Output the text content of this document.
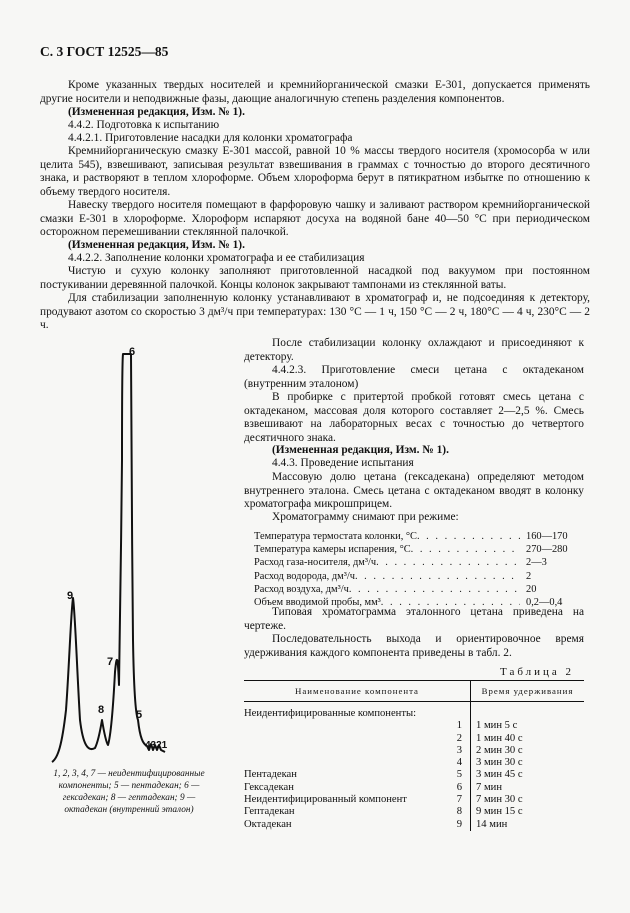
С. 3 ГОСТ 12525—85
Кроме указанных твердых носителей и кремнийорганической смазки Е-301, допускается применять другие носители и неподвижные фазы, дающие аналогичную степень разделения компонентов.
(Измененная редакция, Изм. № 1).
4.4.2. Подготовка к испытанию
4.4.2.1. Приготовление насадки для колонки хроматографа
Кремнийорганическую смазку Е-301 массой, равной 10 % массы твердого носителя (хромосорба w или целита 545), взвешивают, записывая результат взвешивания в граммах с точностью до второго десятичного знака, и растворяют в теплом хлороформе. Объем хлороформа берут в пятикратном избытке по отношению к объему твердого носителя.
Навеску твердого носителя помещают в фарфоровую чашку и заливают раствором кремнийорганической смазки Е-301 в хлороформе. Хлороформ испаряют досуха на водяной бане 40—50 °С при периодическом осторожном перемешивании стеклянной палочкой.
(Измененная редакция, Изм. № 1).
4.4.2.2. Заполнение колонки хроматографа и ее стабилизация
Чистую и сухую колонку заполняют приготовленной насадкой под вакуумом при постоянном постукивании деревянной палочкой. Концы колонок закрывают тампонами из стеклянной ваты.
Для стабилизации заполненную колонку устанавливают в хроматограф и, не подсоединяя к детектору, продувают азотом со скоростью 3 дм³/ч при температурах: 130 °С — 1 ч, 150 °С — 2 ч, 180°С — 4 ч, 230°С — 2 ч.
После стабилизации колонку охлаждают и присоединяют к детектору.
4.4.2.3. Приготовление смеси цетана с октадеканом (внутренним эталоном)
В пробирке с притертой пробкой готовят смесь цетана с октадеканом, массовая доля которого составляет 2—2,5 %. Смесь взвешивают на лабораторных весах с точностью до четвертого десятичного знака.
(Измененная редакция, Изм. № 1).
4.4.3. Проведение испытания
Массовую долю цетана (гексадекана) определяют методом внутреннего эталона. Смесь цетана с октадеканом вводят в колонку хроматографа микрошприцем.
Хроматограмму снимают при режиме:
Температура термостата колонки, °С . . .	160—170
Температура камеры испарения, °С . . .	270—280
Расход газа-носителя, дм³/ч . . .	2—3
Расход водорода, дм³/ч . . .	2
Расход воздуха, дм³/ч . . .	20
Объем вводимой пробы, мм³ . . .	0,2—0,4
Типовая хроматограмма эталонного цетана приведена на чертеже.
Последовательность выхода и ориентировочное время удерживания каждого компонента приведены в табл. 2.
Таблица 2
Наименование компонента		Время удерживания
Неидентифицированные компоненты:		
	1	1 мин 5 с
	2	1 мин 40 с
	3	2 мин 30 с
	4	3 мин 30 с
Пентадекан	5	3 мин 45 с
Гексадекан	6	7 мин
Неидентифицированный компонент	7	7 мин 30 с
Гептадекан	8	9 мин 15 с
Октадекан	9	14 мин
6
9
7
8	5
4321
1, 2, 3, 4, 7 — неидентифицированные компоненты; 5 — пентадекан; 6 — гексадекан; 8 — гептадекан; 9 — октадекан (внутренний эталон)
